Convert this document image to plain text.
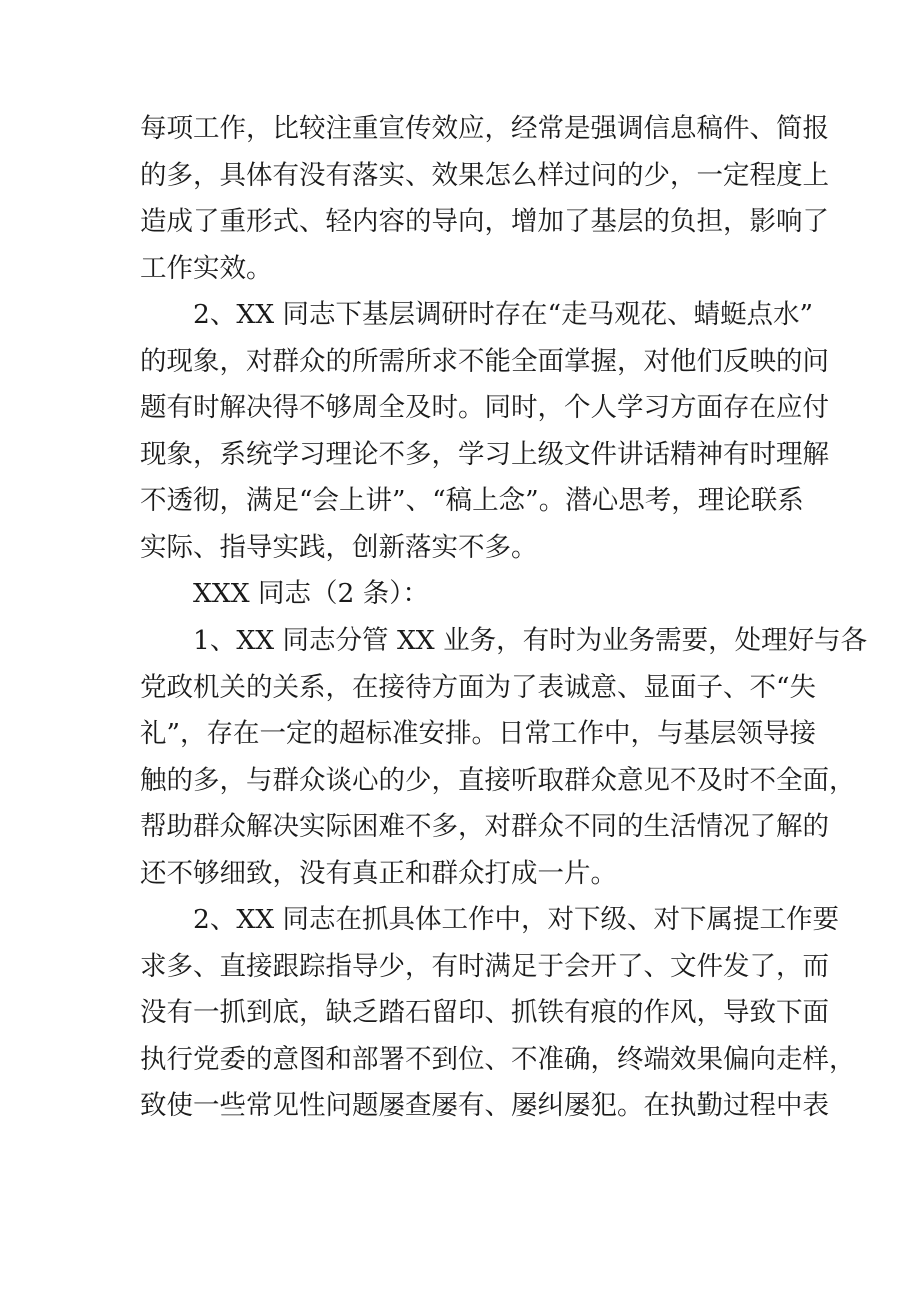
每项工作，比较注重宣传效应，经常是强调信息稿件、简报
的多，具体有没有落实、效果怎么样过问的少，一定程度上
造成了重形式、轻内容的导向，增加了基层的负担，影响了
工作实效。
2、XX 同志下基层调研时存在“走马观花、蜻蜓点水”
的现象，对群众的所需所求不能全面掌握，对他们反映的问
题有时解决得不够周全及时。同时，个人学习方面存在应付
现象，系统学习理论不多，学习上级文件讲话精神有时理解
不透彻，满足“会上讲”、“稿上念”。潜心思考，理论联系
实际、指导实践，创新落实不多。
XXX 同志（2 条）：
1、XX 同志分管 XX 业务，有时为业务需要，处理好与各
党政机关的关系，在接待方面为了表诚意、显面子、不“失
礼”，存在一定的超标准安排。日常工作中，与基层领导接
触的多，与群众谈心的少，直接听取群众意见不及时不全面，
帮助群众解决实际困难不多，对群众不同的生活情况了解的
还不够细致，没有真正和群众打成一片。
2、XX 同志在抓具体工作中，对下级、对下属提工作要
求多、直接跟踪指导少，有时满足于会开了、文件发了，而
没有一抓到底，缺乏踏石留印、抓铁有痕的作风，导致下面
执行党委的意图和部署不到位、不准确，终端效果偏向走样，
致使一些常见性问题屡查屡有、屡纠屡犯。在执勤过程中表
